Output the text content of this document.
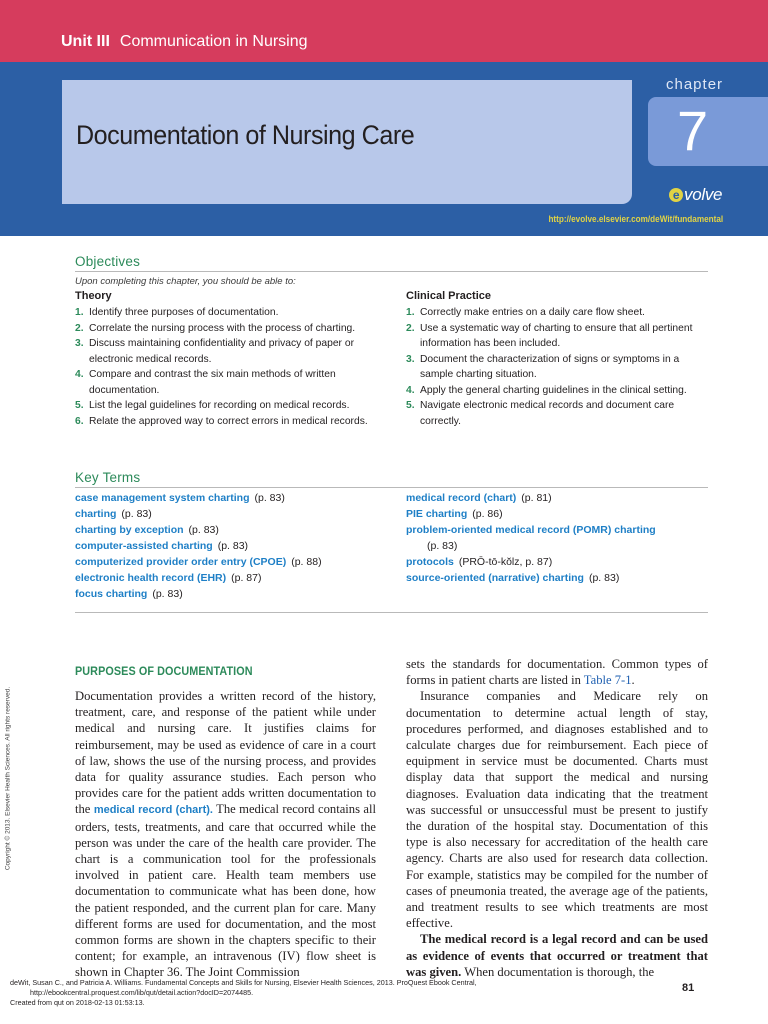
Unit III Communication in Nursing
Documentation of Nursing Care
chapter
7
e volve
http://evolve.elsevier.com/deWit/fundamental
Objectives
Upon completing this chapter, you should be able to:
Theory
1. Identify three purposes of documentation.
2. Correlate the nursing process with the process of charting.
3. Discuss maintaining confidentiality and privacy of paper or electronic medical records.
4. Compare and contrast the six main methods of written documentation.
5. List the legal guidelines for recording on medical records.
6. Relate the approved way to correct errors in medical records.
Clinical Practice
1. Correctly make entries on a daily care flow sheet.
2. Use a systematic way of charting to ensure that all pertinent information has been included.
3. Document the characterization of signs or symptoms in a sample charting situation.
4. Apply the general charting guidelines in the clinical setting.
5. Navigate electronic medical records and document care correctly.
Key Terms
case management system charting (p. 83)
charting (p. 83)
charting by exception (p. 83)
computer-assisted charting (p. 83)
computerized provider order entry (CPOE) (p. 88)
electronic health record (EHR) (p. 87)
focus charting (p. 83)
medical record (chart) (p. 81)
PIE charting (p. 86)
problem-oriented medical record (POMR) charting
(p. 83)
protocols (PRŌ-tō-kŏlz, p. 87)
source-oriented (narrative) charting (p. 83)
Copyright © 2013. Elsevier Health Sciences. All rights reserved.
PURPOSES OF DOCUMENTATION

Documentation provides a written record of the history, treatment, care, and response of the patient while under medical and nursing care. It justifies claims for reimbursement, may be used as evidence of care in a court of law, shows the use of the nursing process, and provides data for quality assurance studies. Each person who provides care for the patient adds written documentation to the medical record (chart). The medical record contains all orders, tests, treatments, and care that occurred while the person was under the care of the health care provider. The chart is a communication tool for the professionals involved in patient care. Health team members use documentation to communicate what has been done, how the patient responded, and the current plan for care. Many different forms are used for documentation, and the most common forms are shown in the chapters specific to their content; for example, an intravenous (IV) flow sheet is shown in Chapter 36. The Joint Commission

sets the standards for documentation. Common types of forms in patient charts are listed in Table 7-1.

Insurance companies and Medicare rely on documentation to determine actual length of stay, procedures performed, and diagnoses established and to calculate charges due for reimbursement. Each piece of equipment in service must be documented. Charts must display data that support the medical and nursing diagnoses. Evaluation data indicating that the treatment was successful or unsuccessful must be present to justify the duration of the hospital stay. Documentation of this type is also necessary for accreditation of the health care agency. Charts are also used for research data collection. For example, statistics may be compiled for the number of cases of pneumonia treated, the average age of the patients, and treatment results to see which treatments are most effective.

The medical record is a legal record and can be used as evidence of events that occurred or treatment that was given. When documentation is thorough, the

deWit, Susan C., and Patricia A. Williams. Fundamental Concepts and Skills for Nursing, Elsevier Health Sciences, 2013. ProQuest Ebook Central,
http://ebookcentral.proquest.com/lib/qut/detail.action?docID=2074485.
Created from qut on 2018-02-13 01:53:13.
81
